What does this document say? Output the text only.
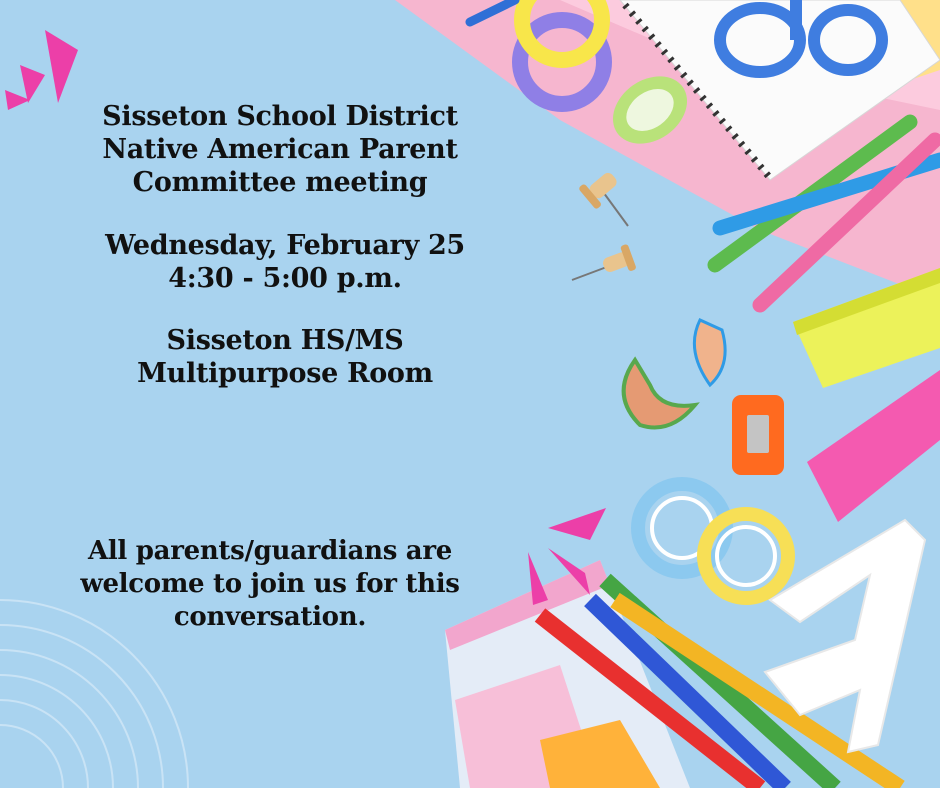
Sisseton School District
Native American Parent
Committee meeting
Wednesday, February 25
4:30 - 5:00 p.m.
Sisseton HS/MS
Multipurpose Room
All parents/guardians are
welcome to join us for this
conversation.
